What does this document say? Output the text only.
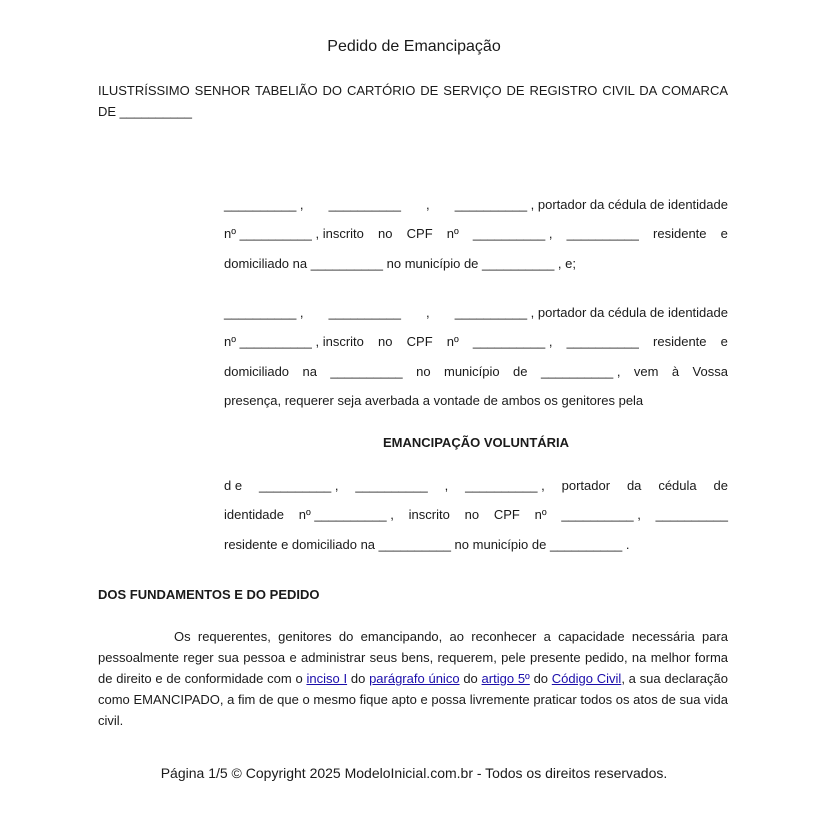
Pedido de Emancipação
ILUSTRÍSSIMO SENHOR TABELIÃO DO CARTÓRIO DE SERVIÇO DE REGISTRO CIVIL DA COMARCA DE __________
__________ , __________ , __________ , portador da cédula de identidade
nº __________ , inscrito no CPF nº __________ , __________ residente e
domiciliado na __________ no município de __________ , e;
__________ , __________ , __________ , portador da cédula de identidade
nº __________ , inscrito no CPF nº __________ , __________ residente e
domiciliado na __________ no município de __________ , vem à Vossa
presença, requerer seja averbada a vontade de ambos os genitores pela
EMANCIPAÇÃO VOLUNTÁRIA
d e __________ , __________ , __________ , portador da cédula de
identidade nº __________ , inscrito no CPF nº __________ , __________
residente e domiciliado na __________ no município de __________ .
DOS FUNDAMENTOS E DO PEDIDO
Os requerentes, genitores do emancipando, ao reconhecer a capacidade necessária para pessoalmente reger sua pessoa e administrar seus bens, requerem, pele presente pedido, na melhor forma de direito e de conformidade com o inciso I do parágrafo único do artigo 5º do Código Civil, a sua declaração como EMANCIPADO, a fim de que o mesmo fique apto e possa livremente praticar todos os atos de sua vida civil.
Página 1/5 © Copyright 2025 ModeloInicial.com.br - Todos os direitos reservados.
